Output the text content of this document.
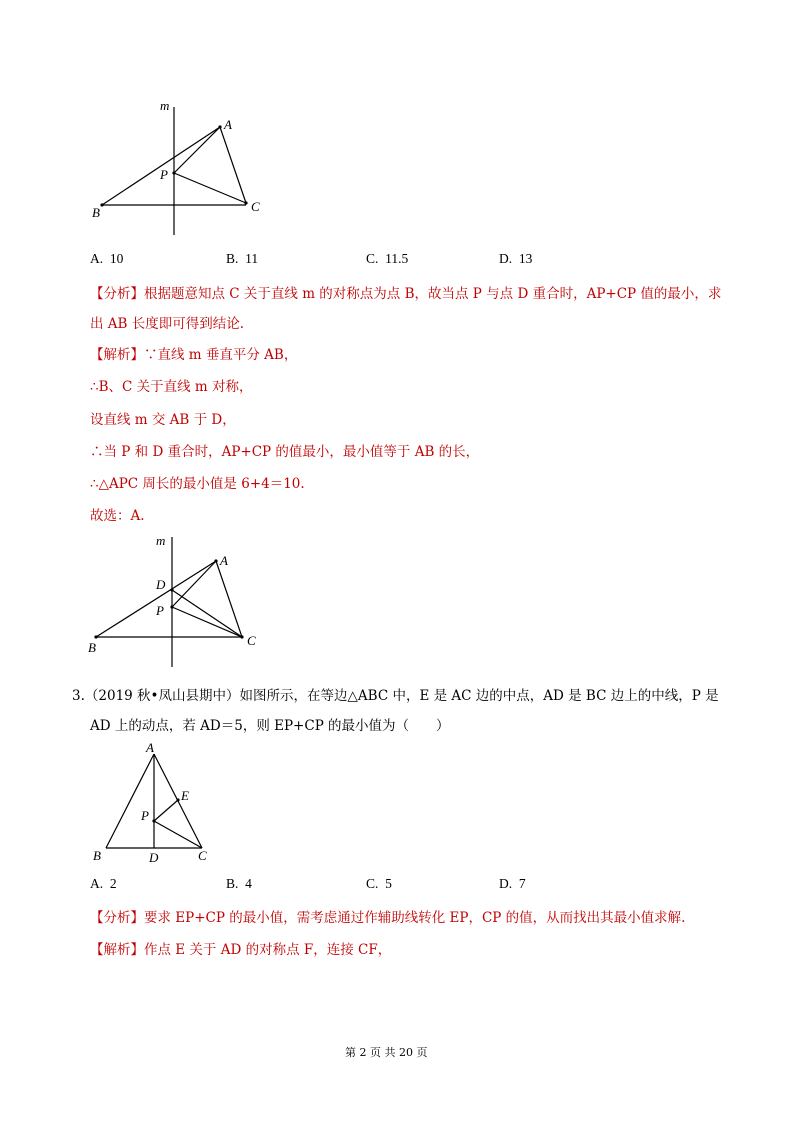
m
A
P
B	C
A. 10	B. 11	C. 11.5	D. 13
【分析】根据题意知点 C 关于直线 m 的对称点为点 B，故当点 P 与点 D 重合时，AP+CP 值的最小，求
出 AB 长度即可得到结论.
【解析】∵直线 m 垂直平分 AB，
∴B、C 关于直线 m 对称，
设直线 m 交 AB 于 D，
∴当 P 和 D 重合时，AP+CP 的值最小，最小值等于 AB 的长，
∴△APC 周长的最小值是 6+4＝10.
故选：A.
m
A
D
P
B	C
3.（2019 秋•凤山县期中）如图所示，在等边△ABC 中，E 是 AC 边的中点，AD 是 BC 边上的中线，P 是
AD 上的动点，若 AD＝5，则 EP+CP 的最小值为（　　）
A
E
P
B	D	C
A. 2	B. 4	C. 5	D. 7
【分析】要求 EP+CP 的最小值，需考虑通过作辅助线转化 EP，CP 的值，从而找出其最小值求解.
【解析】作点 E 关于 AD 的对称点 F，连接 CF，
第 2 页 共 20 页
